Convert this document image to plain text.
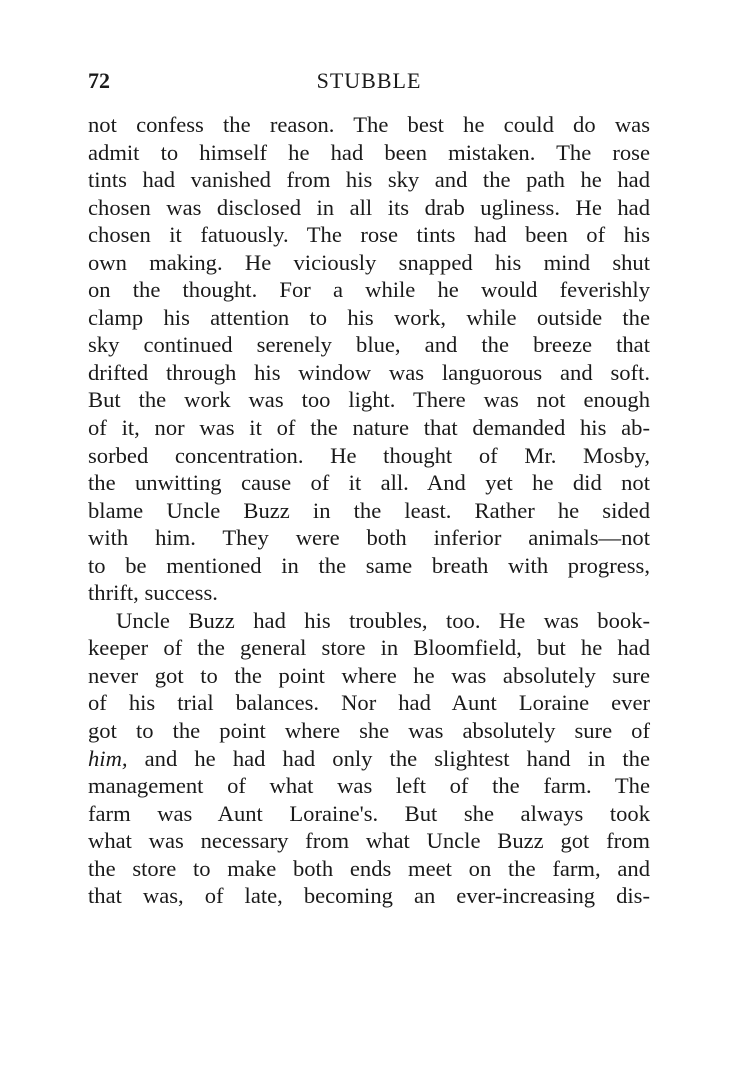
72	STUBBLE
not confess the reason. The best he could do was
admit to himself he had been mistaken. The rose
tints had vanished from his sky and the path he had
chosen was disclosed in all its drab ugliness. He had
chosen it fatuously. The rose tints had been of his
own making. He viciously snapped his mind shut
on the thought. For a while he would feverishly
clamp his attention to his work, while outside the
sky continued serenely blue, and the breeze that
drifted through his window was languorous and soft.
But the work was too light. There was not enough
of it, nor was it of the nature that demanded his ab-
sorbed concentration. He thought of Mr. Mosby,
the unwitting cause of it all. And yet he did not
blame Uncle Buzz in the least. Rather he sided
with him. They were both inferior animals—not
to be mentioned in the same breath with progress,
thrift, success.
Uncle Buzz had his troubles, too. He was book-
keeper of the general store in Bloomfield, but he had
never got to the point where he was absolutely sure
of his trial balances. Nor had Aunt Loraine ever
got to the point where she was absolutely sure of
him, and he had had only the slightest hand in the
management of what was left of the farm. The
farm was Aunt Loraine's. But she always took
what was necessary from what Uncle Buzz got from
the store to make both ends meet on the farm, and
that was, of late, becoming an ever-increasing dis-
